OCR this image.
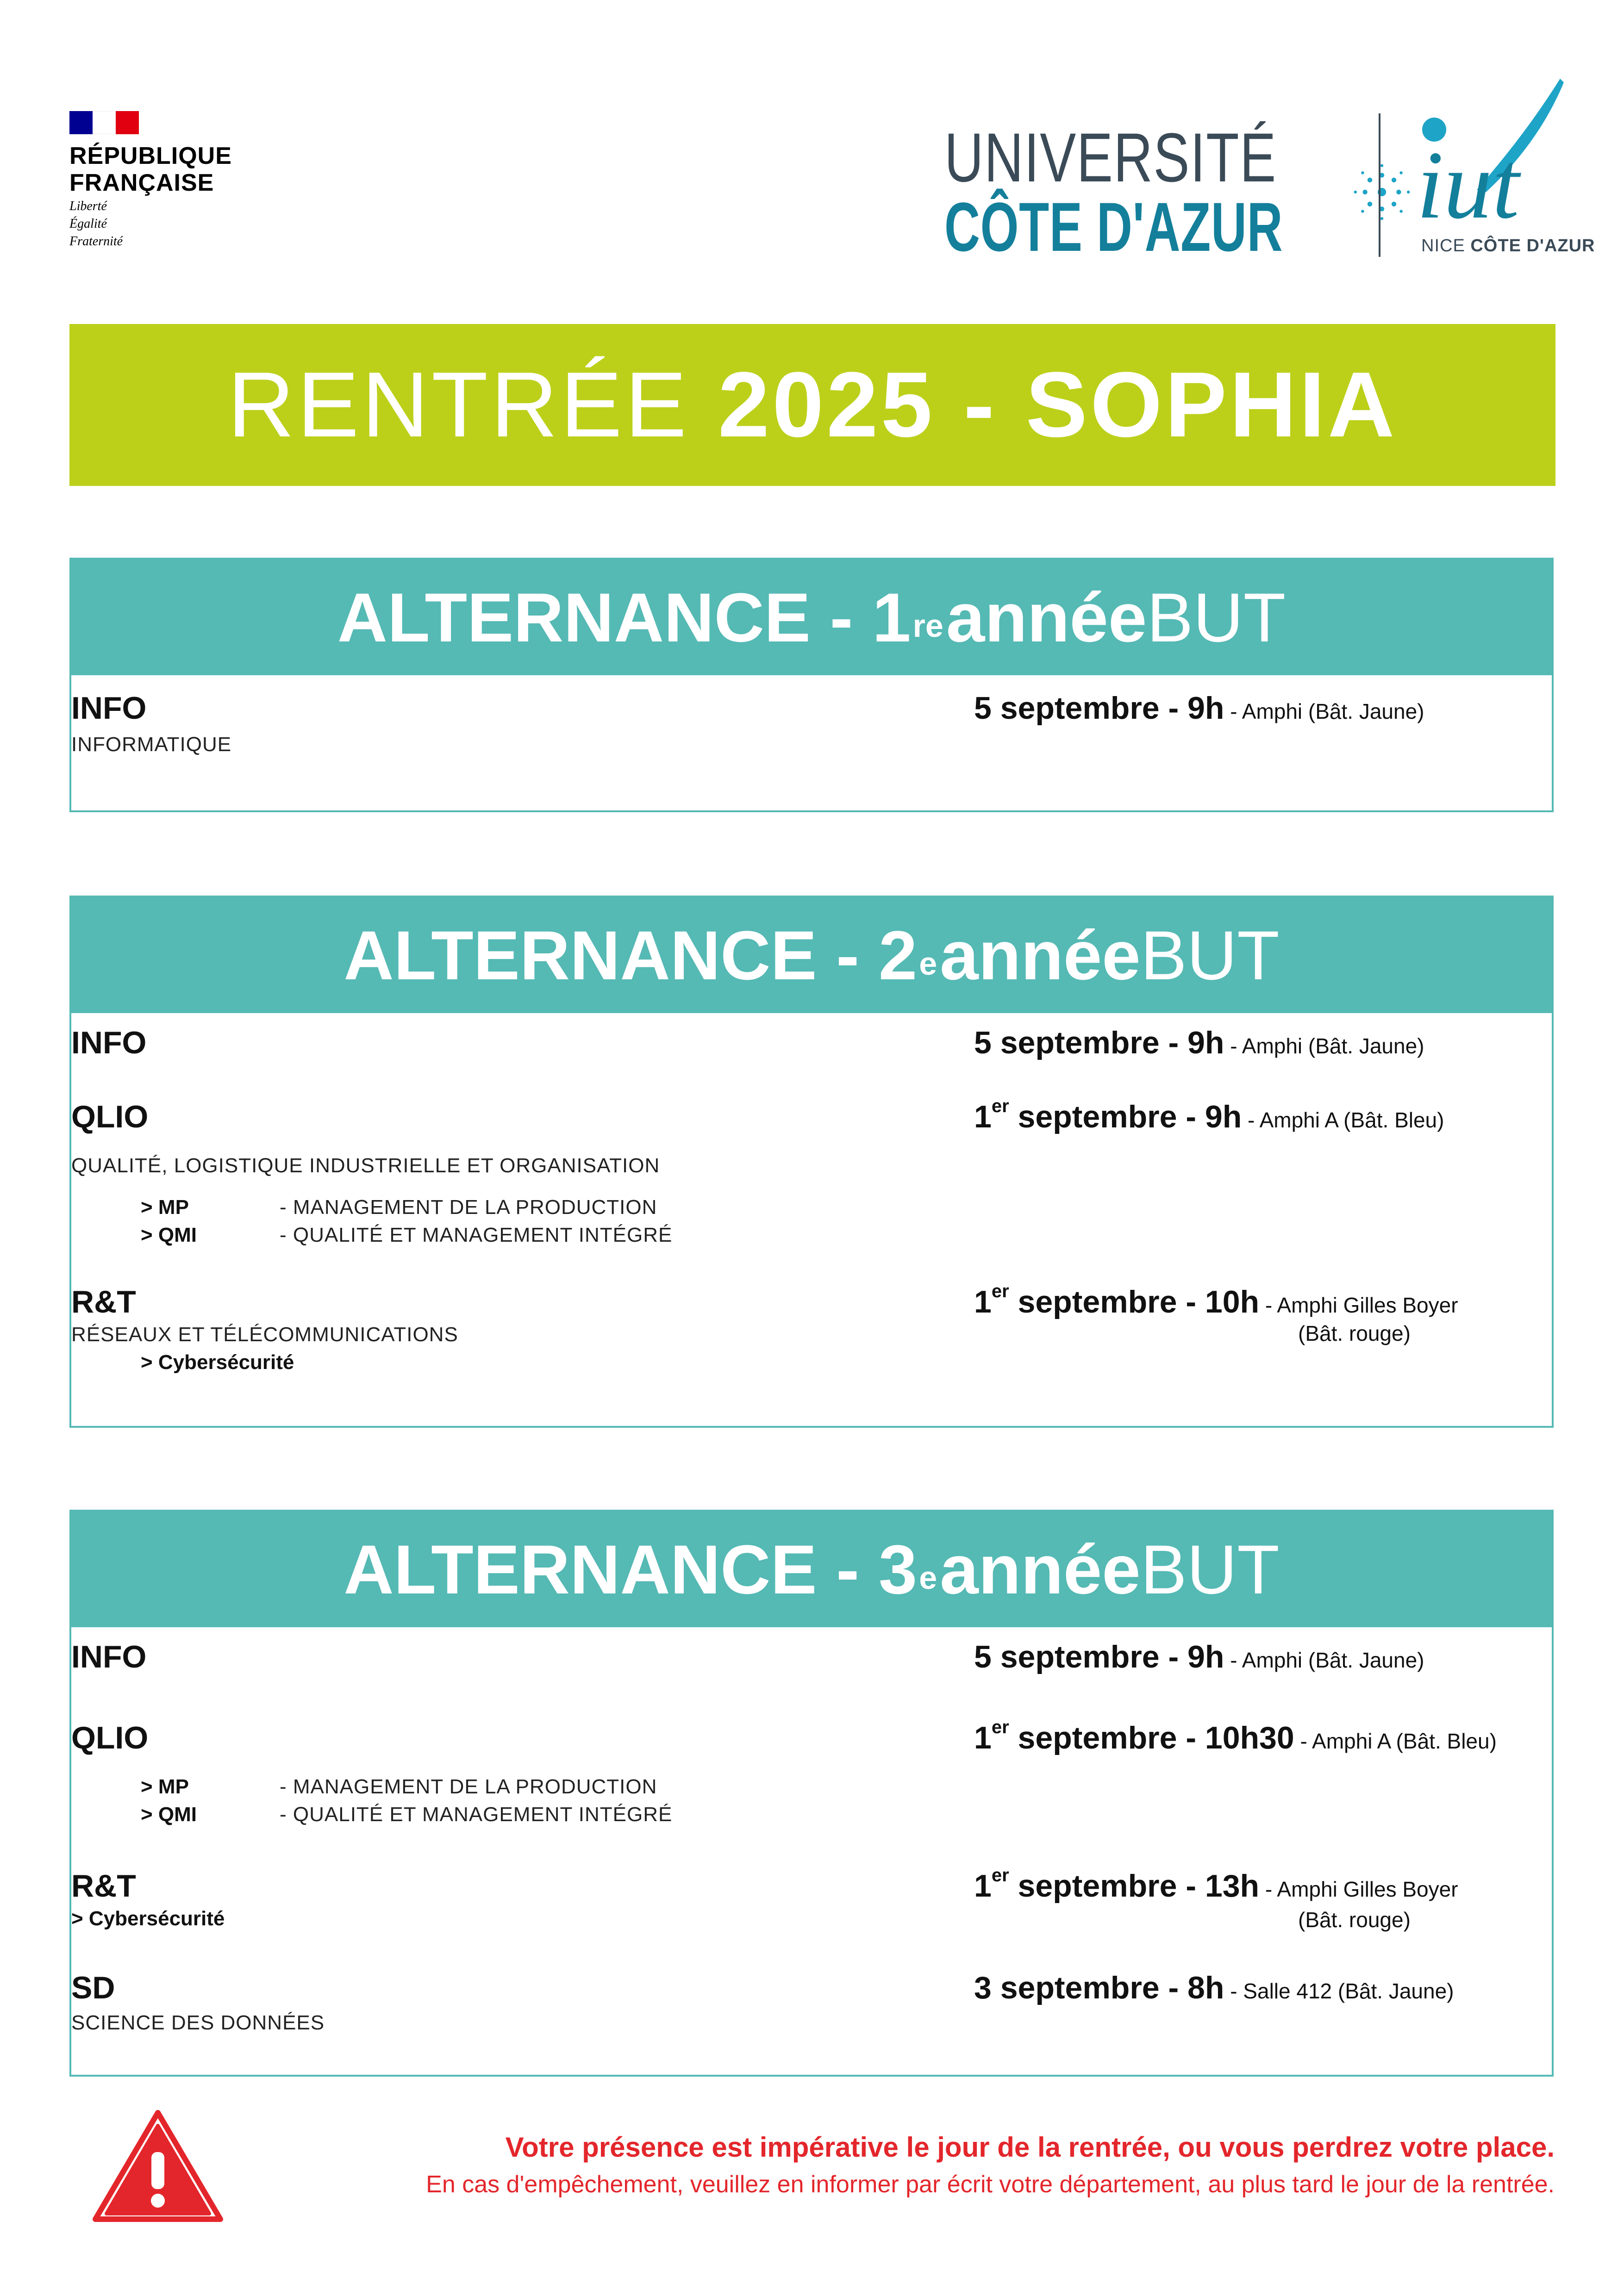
RÉPUBLIQUE
FRANÇAISE
Liberté
Égalité
Fraternité
UNIVERSITÉ
CÔTE D'AZUR iut
NICE CÔTE D'AZUR
RENTRÉE 2025 - SOPHIA
ALTERNANCE - 1re année BUT
INFO
INFORMATIQUE
5 septembre - 9h - Amphi (Bât. Jaune)
ALTERNANCE - 2e année BUT
INFO	5 septembre - 9h - Amphi (Bât. Jaune)
QLIO	1er septembre - 9h - Amphi A (Bât. Bleu)
QUALITÉ, LOGISTIQUE INDUSTRIELLE ET ORGANISATION
> MP	- MANAGEMENT DE LA PRODUCTION
> QMI	- QUALITÉ ET MANAGEMENT INTÉGRÉ
R&T	1er septembre - 10h - Amphi Gilles Boyer
(Bât. rouge)
RÉSEAUX ET TÉLÉCOMMUNICATIONS
> Cybersécurité
ALTERNANCE - 3e année BUT
INFO	5 septembre - 9h - Amphi (Bât. Jaune)
QLIO	1er septembre - 10h30 - Amphi A (Bât. Bleu)
> MP	- MANAGEMENT DE LA PRODUCTION
> QMI	- QUALITÉ ET MANAGEMENT INTÉGRÉ
R&T	1er septembre - 13h - Amphi Gilles Boyer
> Cybersécurité	(Bât. rouge)
SD	3 septembre - 8h - Salle 412 (Bât. Jaune)
SCIENCE DES DONNÉES
Votre présence est impérative le jour de la rentrée, ou vous perdrez votre place.
En cas d'empêchement, veuillez en informer par écrit votre département, au plus tard le jour de la rentrée.
